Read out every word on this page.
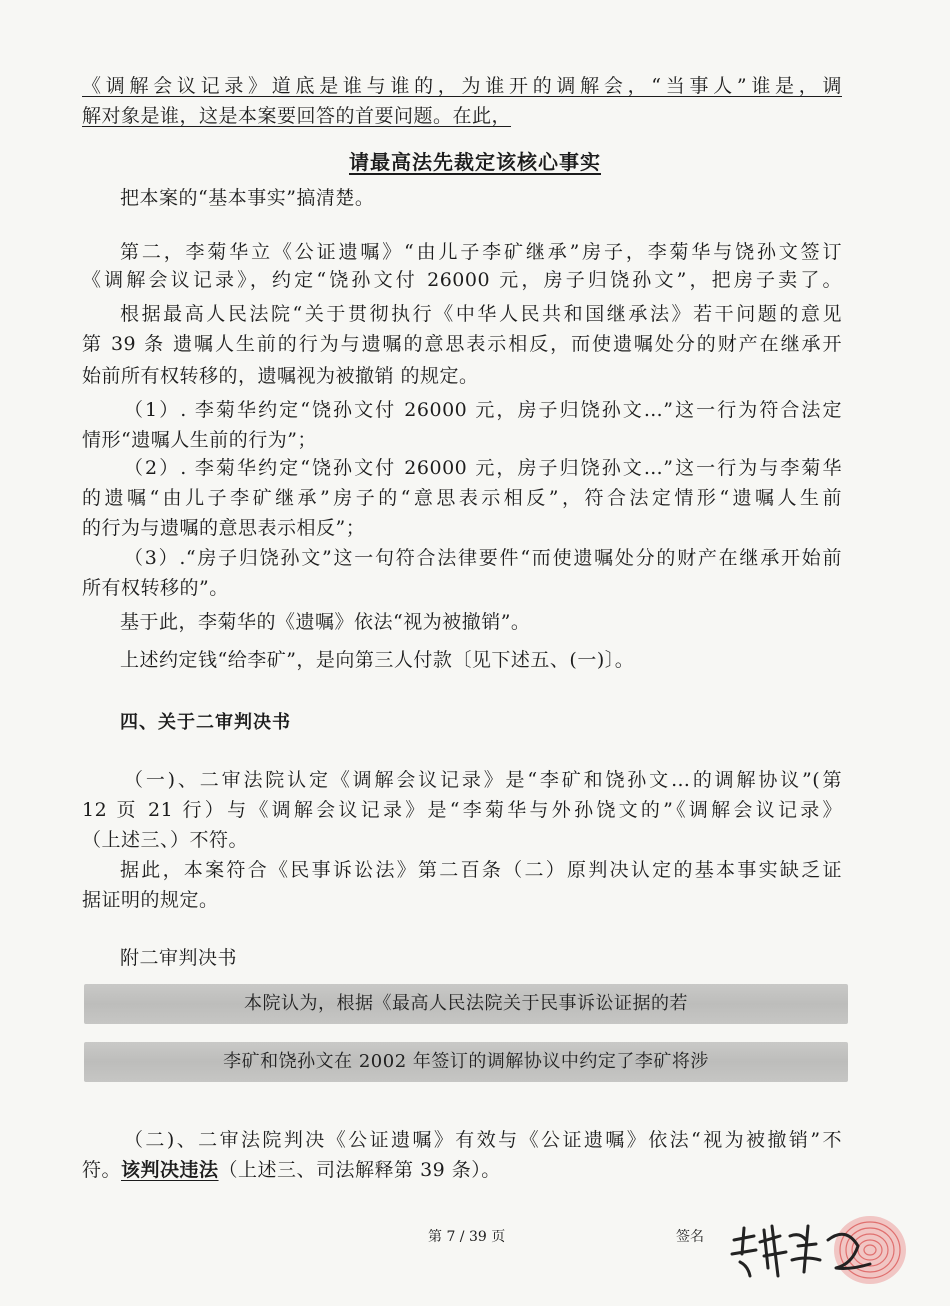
《调解会议记录》道底是谁与谁的，为谁开的调解会，“当事人”谁是，调
解对象是谁，这是本案要回答的首要问题。在此，
请最高法先裁定该核心事实
把本案的“基本事实”搞清楚。
第二，李菊华立《公证遗嘱》“由儿子李矿继承”房子，李菊华与饶孙文签订
《调解会议记录》，约定“饶孙文付 26000 元，房子归饶孙文”，把房子卖了。
根据最高人民法院“关于贯彻执行《中华人民共和国继承法》若干问题的意见
第 39 条 遗嘱人生前的行为与遗嘱的意思表示相反，而使遗嘱处分的财产在继承开
始前所有权转移的，遗嘱视为被撤销 的规定。
（1）. 李菊华约定“饶孙文付 26000 元，房子归饶孙文…”这一行为符合法定
情形“遗嘱人生前的行为”；
（2）. 李菊华约定“饶孙文付 26000 元，房子归饶孙文…”这一行为与李菊华
的遗嘱“由儿子李矿继承”房子的“意思表示相反”，符合法定情形“遗嘱人生前
的行为与遗嘱的意思表示相反”；
（3）.“房子归饶孙文”这一句符合法律要件“而使遗嘱处分的财产在继承开始前
所有权转移的”。
基于此，李菊华的《遗嘱》依法“视为被撤销”。
上述约定钱“给李矿”，是向第三人付款〔见下述五、(一)〕。
四、关于二审判决书
（一)、二审法院认定《调解会议记录》是“李矿和饶孙文…的调解协议”(第
12 页 21 行）与《调解会议记录》是“李菊华与外孙饶文的”《调解会议记录》
（上述三、）不符。
据此，本案符合《民事诉讼法》第二百条（二）原判决认定的基本事实缺乏证
据证明的规定。
附二审判决书
本院认为，根据《最高人民法院关于民事诉讼证据的若
李矿和饶孙文在 2002 年签订的调解协议中约定了李矿将涉
（二)、二审法院判决《公证遗嘱》有效与《公证遗嘱》依法“视为被撤销”不
符。该判决违法（上述三、司法解释第 39 条）。
第 7 / 39 页	签名
